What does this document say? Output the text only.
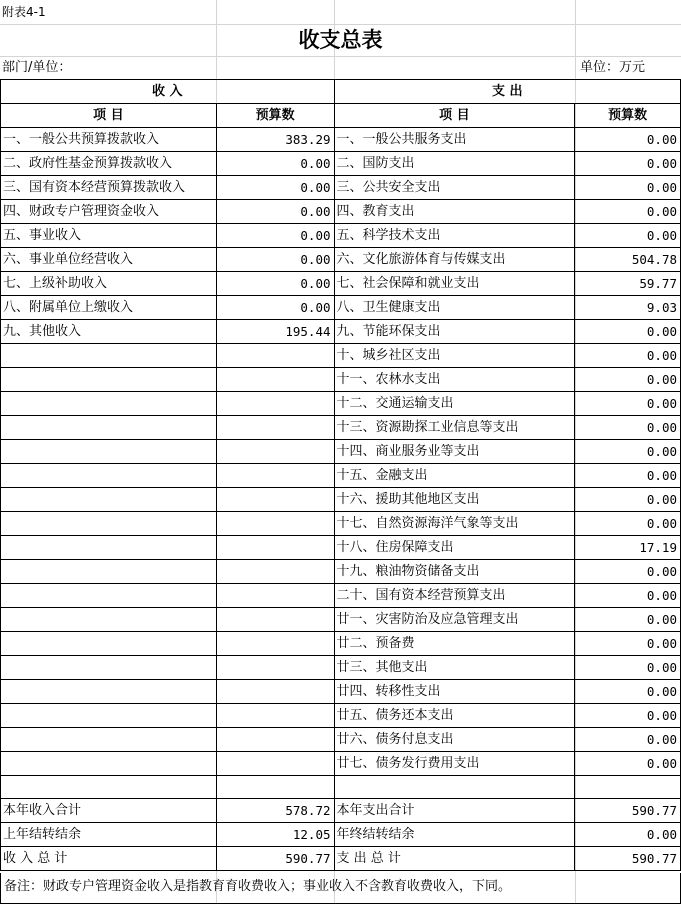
附表4-1
收支总表
部门/单位：	单位：万元
收 入		支 出	
项 目	预算数	项 目	预算数
一、一般公共预算拨款收入	383.29	一、一般公共服务支出	0.00
二、政府性基金预算拨款收入	0.00	二、国防支出	0.00
三、国有资本经营预算拨款收入	0.00	三、公共安全支出	0.00
四、财政专户管理资金收入	0.00	四、教育支出	0.00
五、事业收入	0.00	五、科学技术支出	0.00
六、事业单位经营收入	0.00	六、文化旅游体育与传媒支出	504.78
七、上级补助收入	0.00	七、社会保障和就业支出	59.77
八、附属单位上缴收入	0.00	八、卫生健康支出	9.03
九、其他收入	195.44	九、节能环保支出	0.00
		十、城乡社区支出	0.00
		十一、农林水支出	0.00
		十二、交通运输支出	0.00
		十三、资源勘探工业信息等支出	0.00
		十四、商业服务业等支出	0.00
		十五、金融支出	0.00
		十六、援助其他地区支出	0.00
		十七、自然资源海洋气象等支出	0.00
		十八、住房保障支出	17.19
		十九、粮油物资储备支出	0.00
		二十、国有资本经营预算支出	0.00
		廿一、灾害防治及应急管理支出	0.00
		廿二、预备费	0.00
		廿三、其他支出	0.00
		廿四、转移性支出	0.00
		廿五、债务还本支出	0.00
		廿六、债务付息支出	0.00
		廿七、债务发行费用支出	0.00

本年收入合计	578.72	本年支出合计	590.77
上年结转结余	12.05	年终结转结余	0.00
收 入 总 计	590.77	支 出 总 计	590.77
备注：财政专户管理资金收入是指教育育收费收入；事业收入不含教育收费收入，下同。
